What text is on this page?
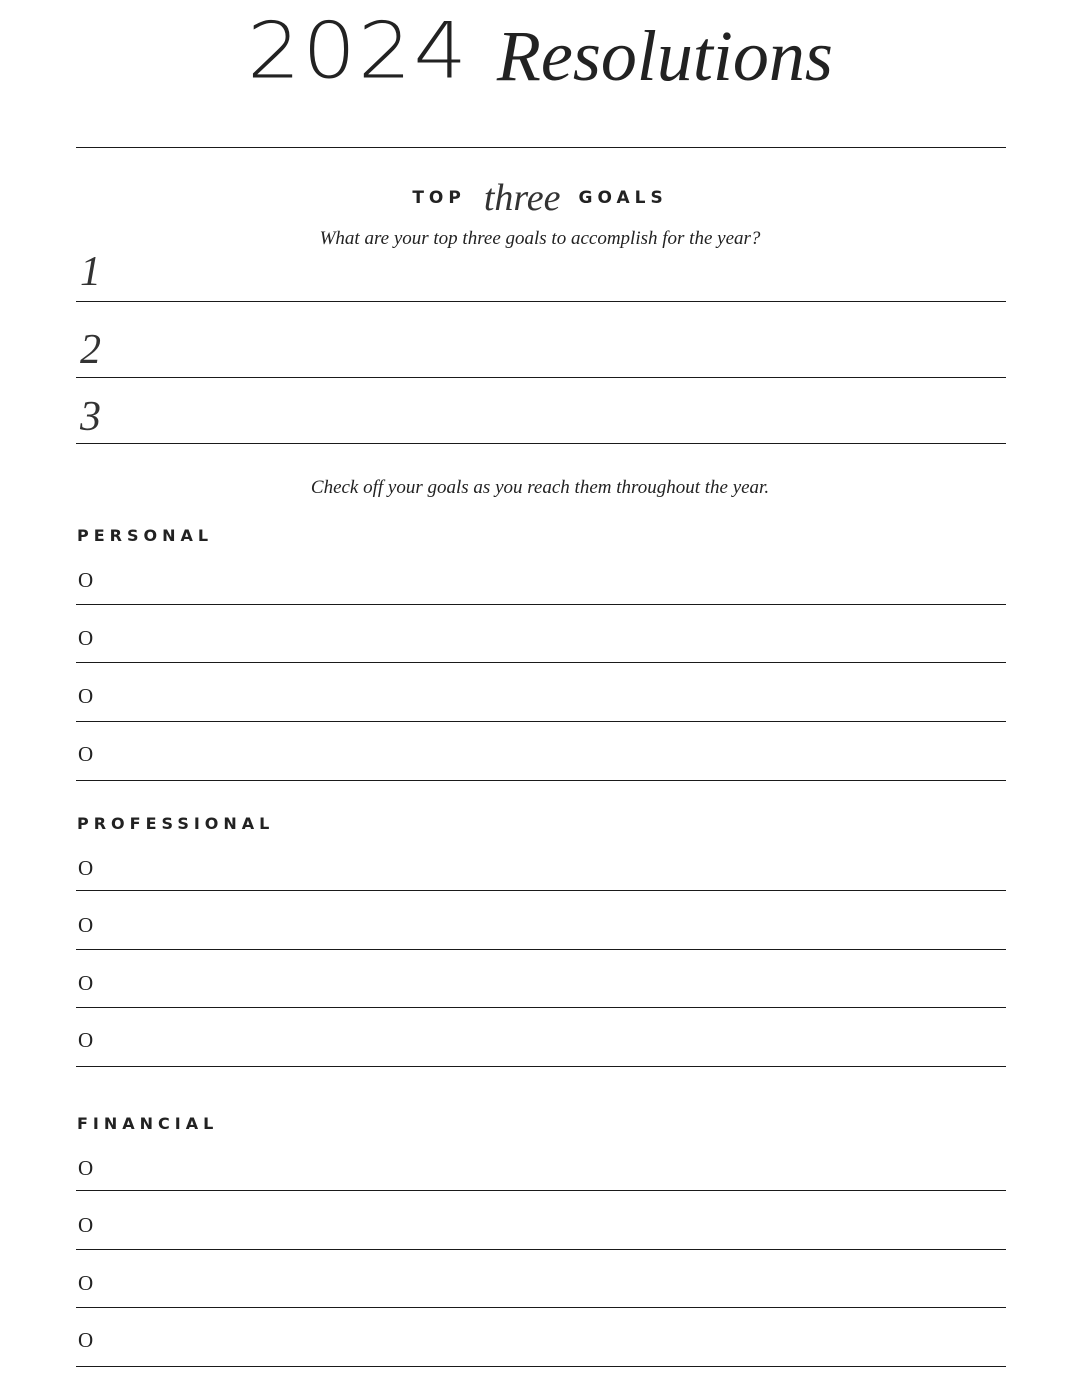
2024 Resolutions
TOP three GOALS
What are your top three goals to accomplish for the year?
1
2
3
Check off your goals as you reach them throughout the year.
PERSONAL
O
O
O
O
PROFESSIONAL
O
O
O
O
FINANCIAL
O
O
O
O
